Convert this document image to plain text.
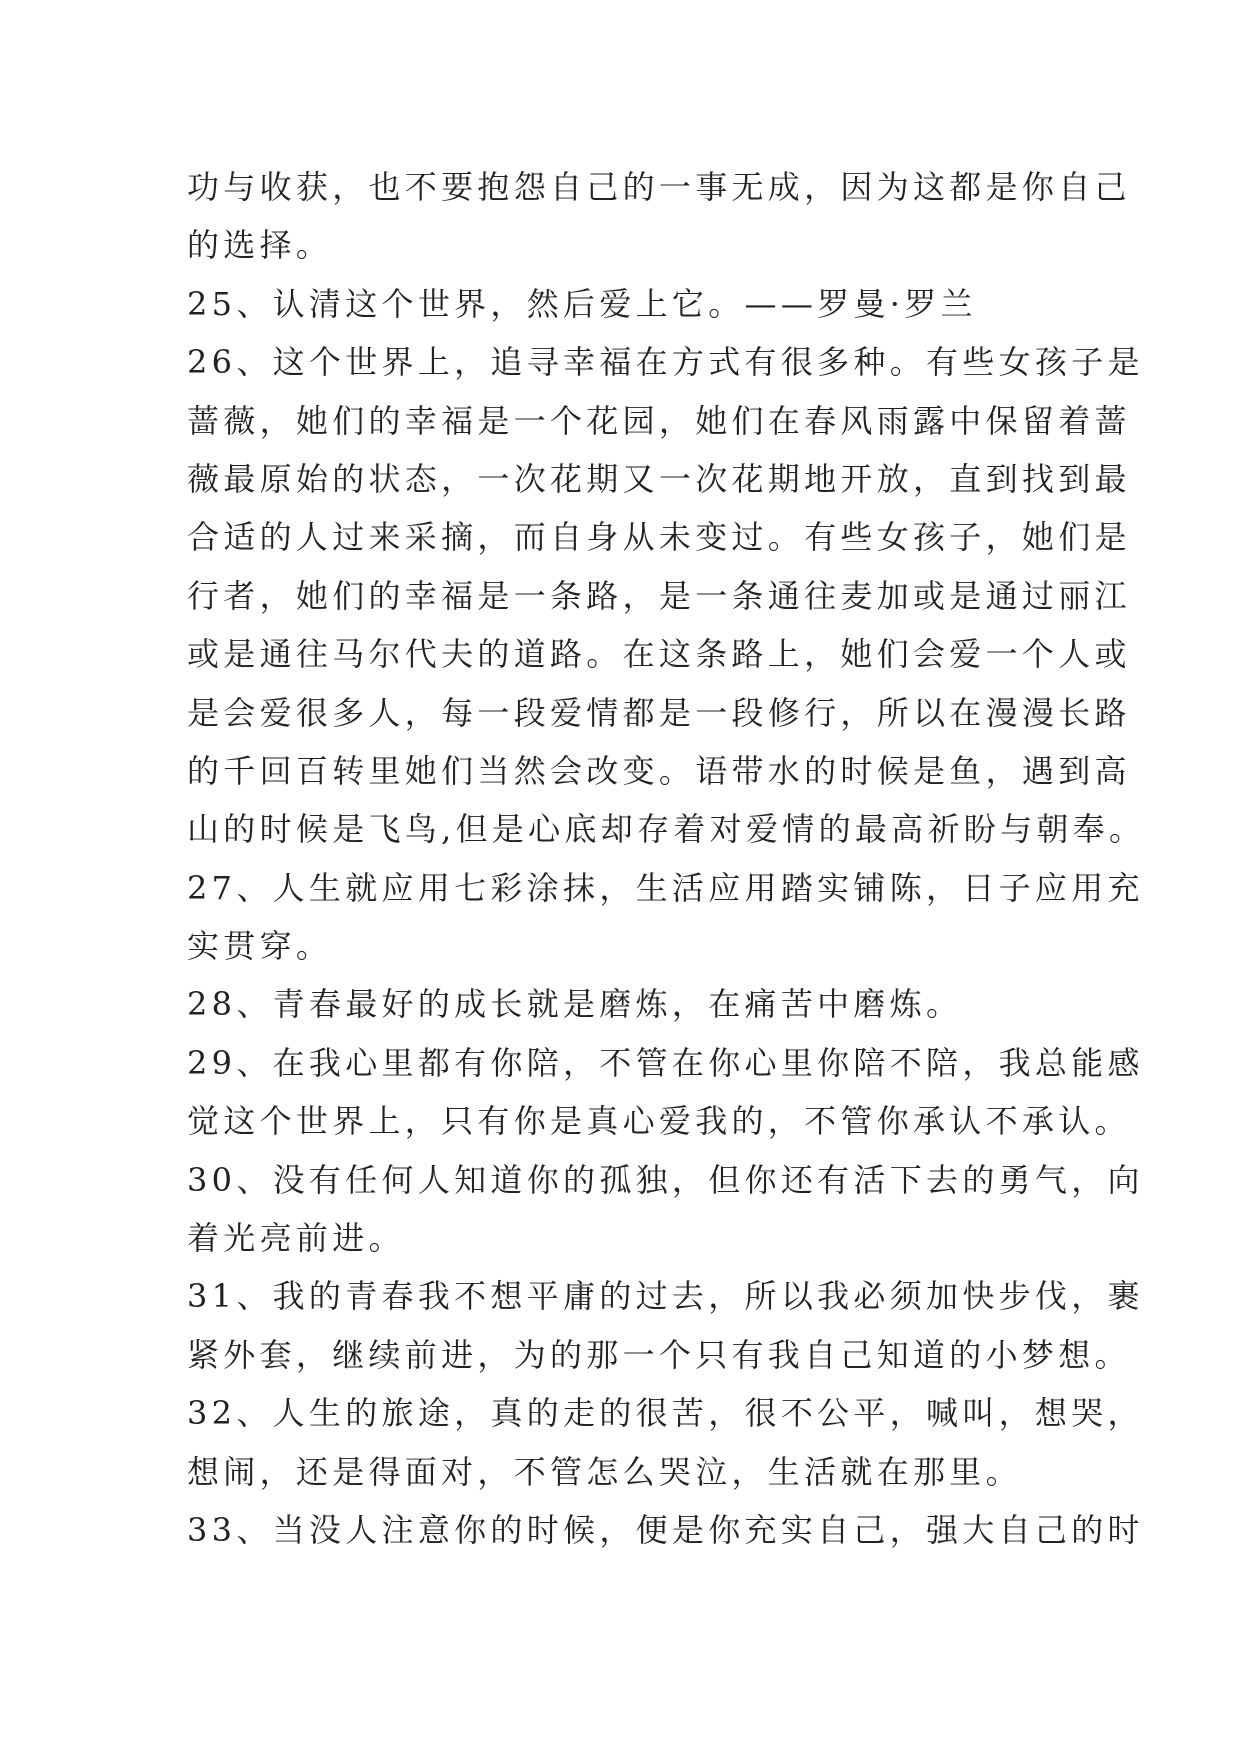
功与收获，也不要抱怨自己的一事无成，因为这都是你自己
的选择。
25、认清这个世界，然后爱上它。——罗曼·罗兰
26、这个世界上，追寻幸福在方式有很多种。有些女孩子是
蔷薇，她们的幸福是一个花园，她们在春风雨露中保留着蔷
薇最原始的状态，一次花期又一次花期地开放，直到找到最
合适的人过来采摘，而自身从未变过。有些女孩子，她们是
行者，她们的幸福是一条路，是一条通往麦加或是通过丽江
或是通往马尔代夫的道路。在这条路上，她们会爱一个人或
是会爱很多人，每一段爱情都是一段修行，所以在漫漫长路
的千回百转里她们当然会改变。语带水的时候是鱼，遇到高
山的时候是飞鸟,但是心底却存着对爱情的最高祈盼与朝奉。
27、人生就应用七彩涂抹，生活应用踏实铺陈，日子应用充
实贯穿。
28、青春最好的成长就是磨炼，在痛苦中磨炼。
29、在我心里都有你陪，不管在你心里你陪不陪，我总能感
觉这个世界上，只有你是真心爱我的，不管你承认不承认。
30、没有任何人知道你的孤独，但你还有活下去的勇气，向
着光亮前进。
31、我的青春我不想平庸的过去，所以我必须加快步伐，裹
紧外套，继续前进，为的那一个只有我自己知道的小梦想。
32、人生的旅途，真的走的很苦，很不公平，喊叫，想哭，
想闹，还是得面对，不管怎么哭泣，生活就在那里。
33、当没人注意你的时候，便是你充实自己，强大自己的时
